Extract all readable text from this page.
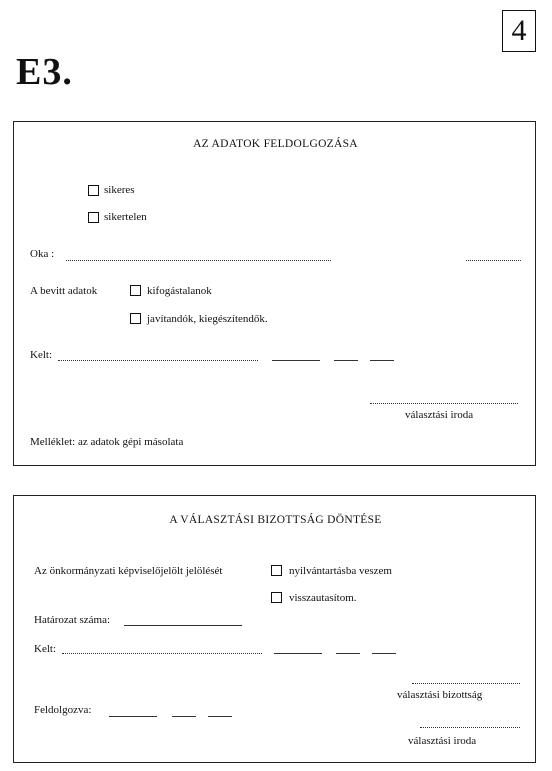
4
E3.
AZ ADATOK FELDOLGOZÁSA
sikeres
sikertelen
Oka :
A bevitt adatok	kifogástalanok
javítandók, kiegészítendők.
Kelt:
választási iroda
Melléklet: az adatok gépi másolata
A VÁLASZTÁSI BIZOTTSÁG DÖNTÉSE
Az önkormányzati képviselőjelölt jelölését	nyilvántartásba veszem
visszautasítom.
Határozat száma:
Kelt:
választási bizottság
Feldolgozva:
választási iroda
